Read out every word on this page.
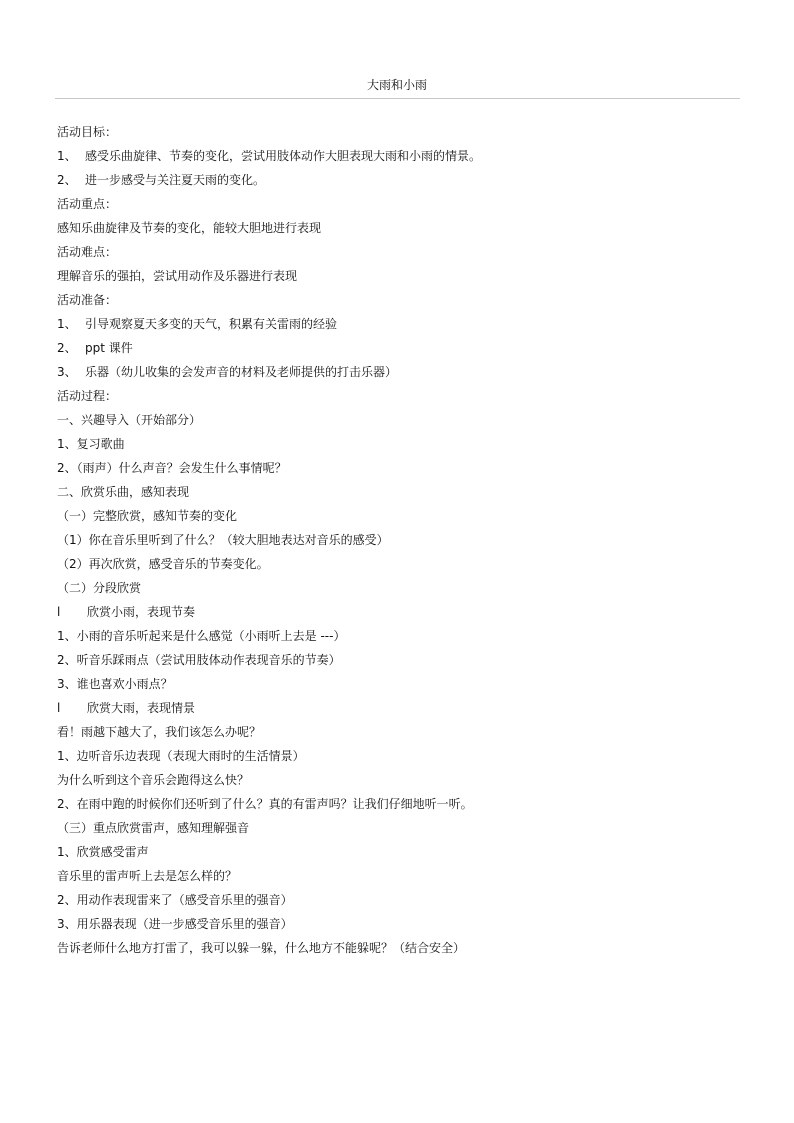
大雨和小雨
活动目标：
1、 感受乐曲旋律、节奏的变化，尝试用肢体动作大胆表现大雨和小雨的情景。
2、 进一步感受与关注夏天雨的变化。
活动重点：
感知乐曲旋律及节奏的变化，能较大胆地进行表现
活动难点：
理解音乐的强拍，尝试用动作及乐器进行表现
活动准备：
1、 引导观察夏天多变的天气，积累有关雷雨的经验
2、 ppt 课件
3、 乐器（幼儿收集的会发声音的材料及老师提供的打击乐器）
活动过程：
一、兴趣导入（开始部分）
1、复习歌曲
2、（雨声）什么声音？会发生什么事情呢？
二、欣赏乐曲，感知表现
（一）完整欣赏，感知节奏的变化
（1）你在音乐里听到了什么？（较大胆地表达对音乐的感受）
（2）再次欣赏，感受音乐的节奏变化。
（二）分段欣赏
l 欣赏小雨，表现节奏
1、小雨的音乐听起来是什么感觉（小雨听上去是 ---）
2、听音乐踩雨点（尝试用肢体动作表现音乐的节奏）
3、谁也喜欢小雨点？
l 欣赏大雨，表现情景
看！雨越下越大了，我们该怎么办呢？
1、边听音乐边表现（表现大雨时的生活情景）
为什么听到这个音乐会跑得这么快？
2、在雨中跑的时候你们还听到了什么？真的有雷声吗？让我们仔细地听一听。
（三）重点欣赏雷声，感知理解强音
1、欣赏感受雷声
音乐里的雷声听上去是怎么样的？
2、用动作表现雷来了（感受音乐里的强音）
3、用乐器表现（进一步感受音乐里的强音）
告诉老师什么地方打雷了，我可以躲一躲，什么地方不能躲呢？（结合安全）
